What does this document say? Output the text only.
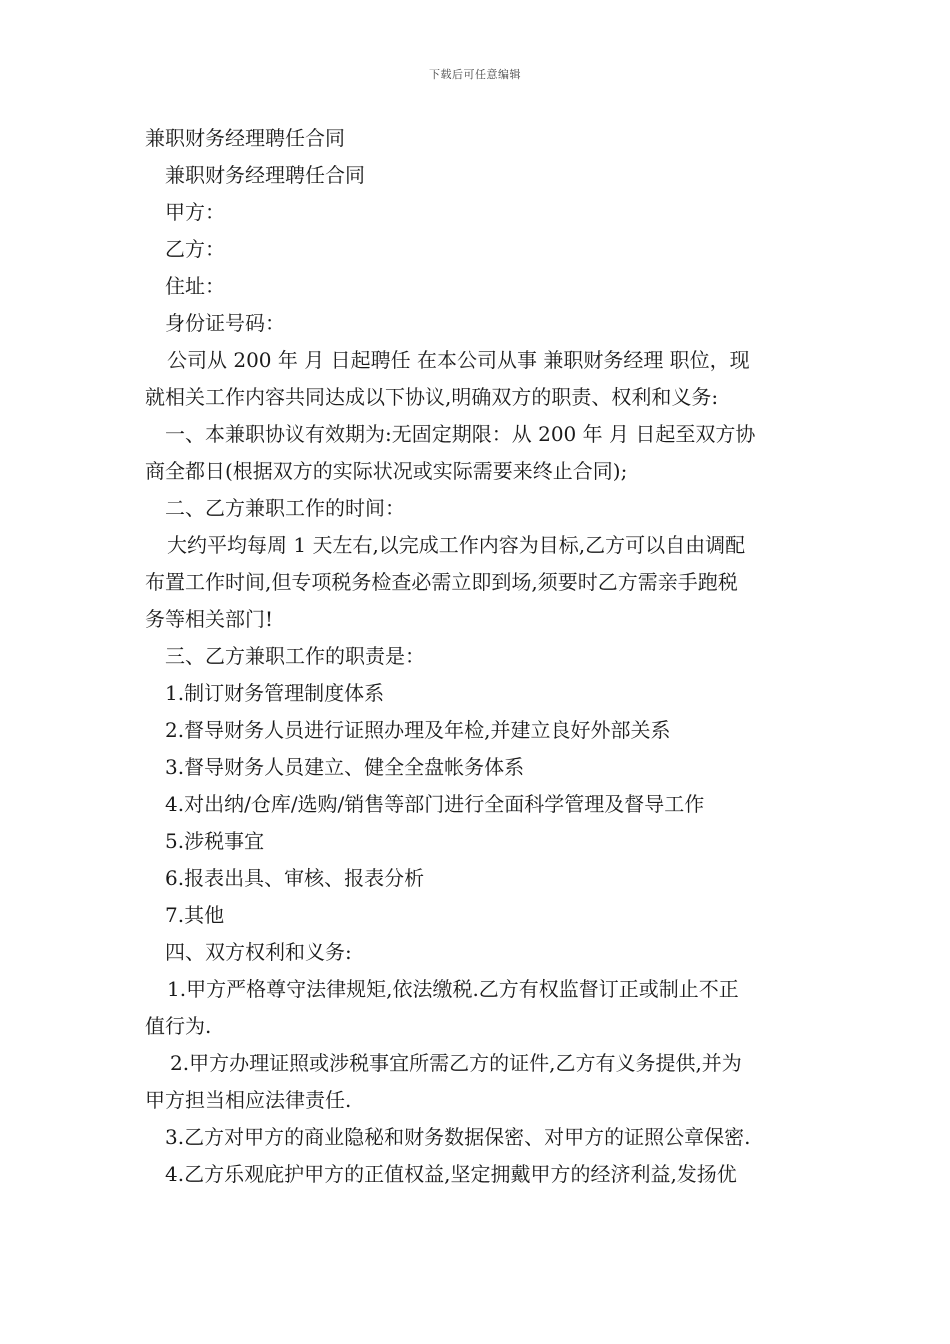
下载后可任意编辑
兼职财务经理聘任合同
兼职财务经理聘任合同
甲方：
乙方：
住址：
身份证号码：
公司从 200 年 月 日起聘任 在本公司从事 兼职财务经理 职位，现
就相关工作内容共同达成以下协议,明确双方的职责、权利和义务:
一、本兼职协议有效期为:无固定期限：从 200 年 月 日起至双方协
商全都日(根据双方的实际状况或实际需要来终止合同);
二、乙方兼职工作的时间：
大约平均每周 1 天左右,以完成工作内容为目标,乙方可以自由调配
布置工作时间,但专项税务检查必需立即到场,须要时乙方需亲手跑税
务等相关部门!
三、乙方兼职工作的职责是：
1.制订财务管理制度体系
2.督导财务人员进行证照办理及年检,并建立良好外部关系
3.督导财务人员建立、健全全盘帐务体系
4.对出纳/仓库/选购/销售等部门进行全面科学管理及督导工作
5.涉税事宜
6.报表出具、审核、报表分析
7.其他
四、双方权利和义务:
1.甲方严格尊守法律规矩,依法缴税.乙方有权监督订正或制止不正
值行为.
2.甲方办理证照或涉税事宜所需乙方的证件,乙方有义务提供,并为
甲方担当相应法律责任.
3.乙方对甲方的商业隐秘和财务数据保密、对甲方的证照公章保密.
4.乙方乐观庇护甲方的正值权益,坚定拥戴甲方的经济利益,发扬优
